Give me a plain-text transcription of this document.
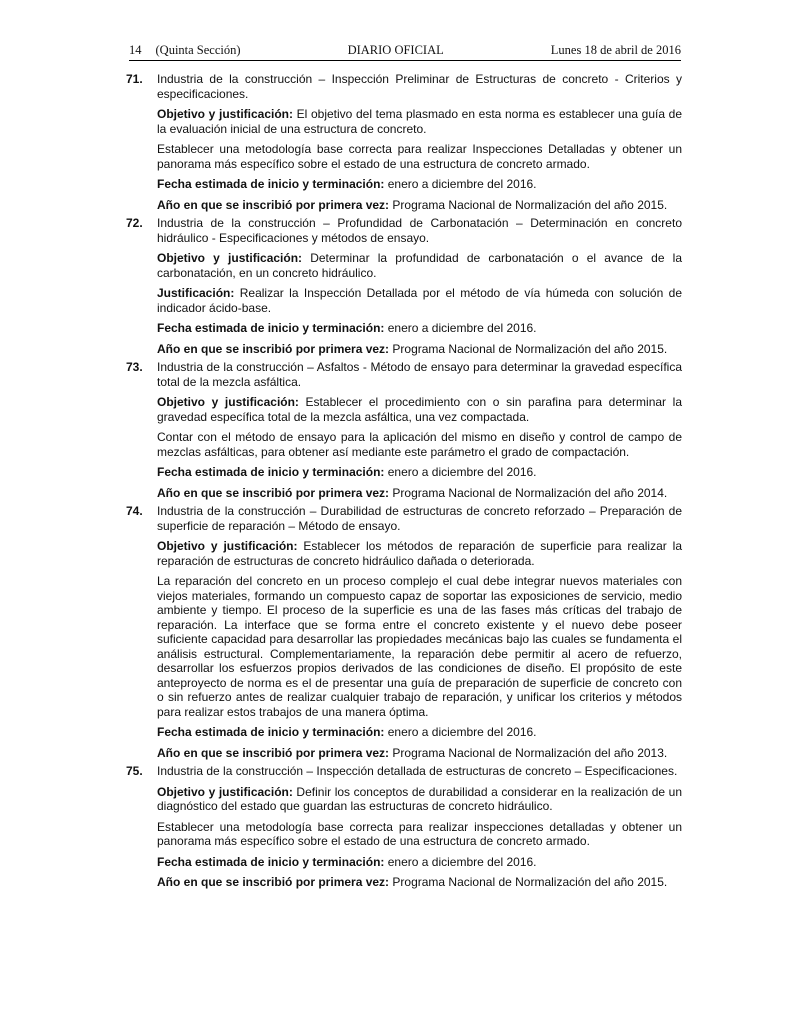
14 (Quinta Sección)	DIARIO OFICIAL	Lunes 18 de abril de 2016
71.	Industria de la construcción – Inspección Preliminar de Estructuras de concreto - Criterios y especificaciones.
Objetivo y justificación: El objetivo del tema plasmado en esta norma es establecer una guía de la evaluación inicial de una estructura de concreto.
Establecer una metodología base correcta para realizar Inspecciones Detalladas y obtener un panorama más específico sobre el estado de una estructura de concreto armado.
Fecha estimada de inicio y terminación: enero a diciembre del 2016.
Año en que se inscribió por primera vez: Programa Nacional de Normalización del año 2015.
72.	Industria de la construcción – Profundidad de Carbonatación – Determinación en concreto hidráulico - Especificaciones y métodos de ensayo.
Objetivo y justificación: Determinar la profundidad de carbonatación o el avance de la carbonatación, en un concreto hidráulico.
Justificación: Realizar la Inspección Detallada por el método de vía húmeda con solución de indicador ácido-base.
Fecha estimada de inicio y terminación: enero a diciembre del 2016.
Año en que se inscribió por primera vez: Programa Nacional de Normalización del año 2015.
73.	Industria de la construcción – Asfaltos - Método de ensayo para determinar la gravedad específica total de la mezcla asfáltica.
Objetivo y justificación: Establecer el procedimiento con o sin parafina para determinar la gravedad específica total de la mezcla asfáltica, una vez compactada.
Contar con el método de ensayo para la aplicación del mismo en diseño y control de campo de mezclas asfálticas, para obtener así mediante este parámetro el grado de compactación.
Fecha estimada de inicio y terminación: enero a diciembre del 2016.
Año en que se inscribió por primera vez: Programa Nacional de Normalización del año 2014.
74.	Industria de la construcción – Durabilidad de estructuras de concreto reforzado – Preparación de superficie de reparación – Método de ensayo.
Objetivo y justificación: Establecer los métodos de reparación de superficie para realizar la reparación de estructuras de concreto hidráulico dañada o deteriorada.
La reparación del concreto en un proceso complejo el cual debe integrar nuevos materiales con viejos materiales, formando un compuesto capaz de soportar las exposiciones de servicio, medio ambiente y tiempo. El proceso de la superficie es una de las fases más críticas del trabajo de reparación. La interface que se forma entre el concreto existente y el nuevo debe poseer suficiente capacidad para desarrollar las propiedades mecánicas bajo las cuales se fundamenta el análisis estructural. Complementariamente, la reparación debe permitir al acero de refuerzo, desarrollar los esfuerzos propios derivados de las condiciones de diseño. El propósito de este anteproyecto de norma es el de presentar una guía de preparación de superficie de concreto con o sin refuerzo antes de realizar cualquier trabajo de reparación, y unificar los criterios y métodos para realizar estos trabajos de una manera óptima.
Fecha estimada de inicio y terminación: enero a diciembre del 2016.
Año en que se inscribió por primera vez: Programa Nacional de Normalización del año 2013.
75.	Industria de la construcción – Inspección detallada de estructuras de concreto – Especificaciones.
Objetivo y justificación: Definir los conceptos de durabilidad a considerar en la realización de un diagnóstico del estado que guardan las estructuras de concreto hidráulico.
Establecer una metodología base correcta para realizar inspecciones detalladas y obtener un panorama más específico sobre el estado de una estructura de concreto armado.
Fecha estimada de inicio y terminación: enero a diciembre del 2016.
Año en que se inscribió por primera vez: Programa Nacional de Normalización del año 2015.
